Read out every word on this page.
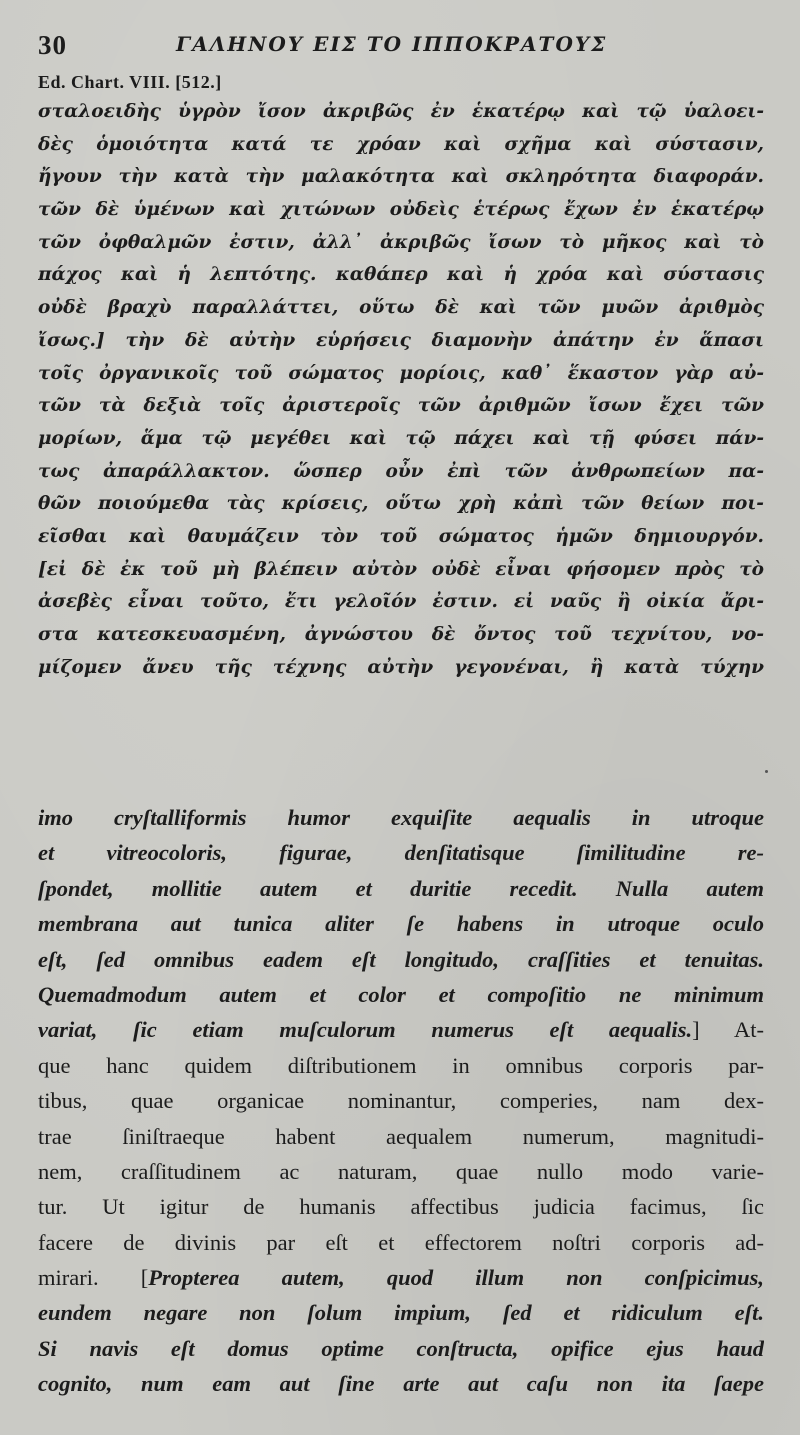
30	ΓΑΛΗΝΟΥ ΕΙΣ ΤΟ ΙΠΠΟΚΡΑΤΟΥΣ
Ed. Chart. VIII. [512.]
σταλοειδὴς ὑγρὸν ἴσον ἀκριβῶς ἐν ἑκατέρῳ καὶ τῷ ὑαλοει-
δὲς ὁμοιότητα κατά τε χρόαν καὶ σχῆμα καὶ σύστασιν,
ἤγουν τὴν κατὰ τὴν μαλακότητα καὶ σκληρότητα διαφοράν.
τῶν δὲ ὑμένων καὶ χιτώνων οὐδεὶς ἑτέρως ἔχων ἐν ἑκατέρῳ
τῶν ὀφθαλμῶν ἐστιν, ἀλλ᾽ ἀκριβῶς ἴσων τὸ μῆκος καὶ τὸ
πάχος καὶ ἡ λεπτότης. καθάπερ καὶ ἡ χρόα καὶ σύστασις
οὐδὲ βραχὺ παραλλάττει, οὕτω δὲ καὶ τῶν μυῶν ἀριθμὸς
ἴσως.] τὴν δὲ αὐτὴν εὑρήσεις διαμονὴν ἀπάτην ἐν ἅπασι
τοῖς ὀργανικοῖς τοῦ σώματος μορίοις, καθ᾽ ἕκαστον γὰρ αὐ-
τῶν τὰ δεξιὰ τοῖς ἀριστεροῖς τῶν ἀριθμῶν ἴσων ἔχει τῶν
μορίων, ἅμα τῷ μεγέθει καὶ τῷ πάχει καὶ τῇ φύσει πάν-
τως ἀπαράλλακτον. ὥσπερ οὖν ἐπὶ τῶν ἀνθρωπείων πα-
θῶν ποιούμεθα τὰς κρίσεις, οὕτω χρὴ κἀπὶ τῶν θείων ποι-
εῖσθαι καὶ θαυμάζειν τὸν τοῦ σώματος ἡμῶν δημιουργόν.
[εἰ δὲ ἐκ τοῦ μὴ βλέπειν αὐτὸν οὐδὲ εἶναι φήσομεν πρὸς τὸ
ἀσεβὲς εἶναι τοῦτο, ἔτι γελοῖόν ἐστιν. εἰ ναῦς ἢ οἰκία ἄρι-
στα κατεσκευασμένη, ἀγνώστου δὲ ὄντος τοῦ τεχνίτου, νο-
μίζομεν ἄνευ τῆς τέχνης αὐτὴν γεγονέναι, ἢ κατὰ τύχην
imo cryſtalliformis humor exquiſite aequalis in utroque
et vitreocoloris, figurae, denſitatisque ſimilitudine re-
ſpondet, mollitie autem et duritie recedit. Nulla autem
membrana aut tunica aliter ſe habens in utroque oculo
eſt, ſed omnibus eadem eſt longitudo, craſſities et tenuitas.
Quemadmodum autem et color et compoſitio ne minimum
variat, ſic etiam muſculorum numerus eſt aequalis.] At-
que hanc quidem diſtributionem in omnibus corporis par-
tibus, quae organicae nominantur, comperies, nam dex-
trae ſiniſtraeque habent aequalem numerum, magnitudi-
nem, craſſitudinem ac naturam, quae nullo modo varie-
tur. Ut igitur de humanis affectibus judicia facimus, ſic
facere de divinis par eſt et effectorem noſtri corporis ad-
mirari. [Propterea autem, quod illum non conſpicimus,
eundem negare non ſolum impium, ſed et ridiculum eſt.
Si navis eſt domus optime conſtructa, opifice ejus haud
cognito, num eam aut ſine arte aut caſu non ita ſaepe
